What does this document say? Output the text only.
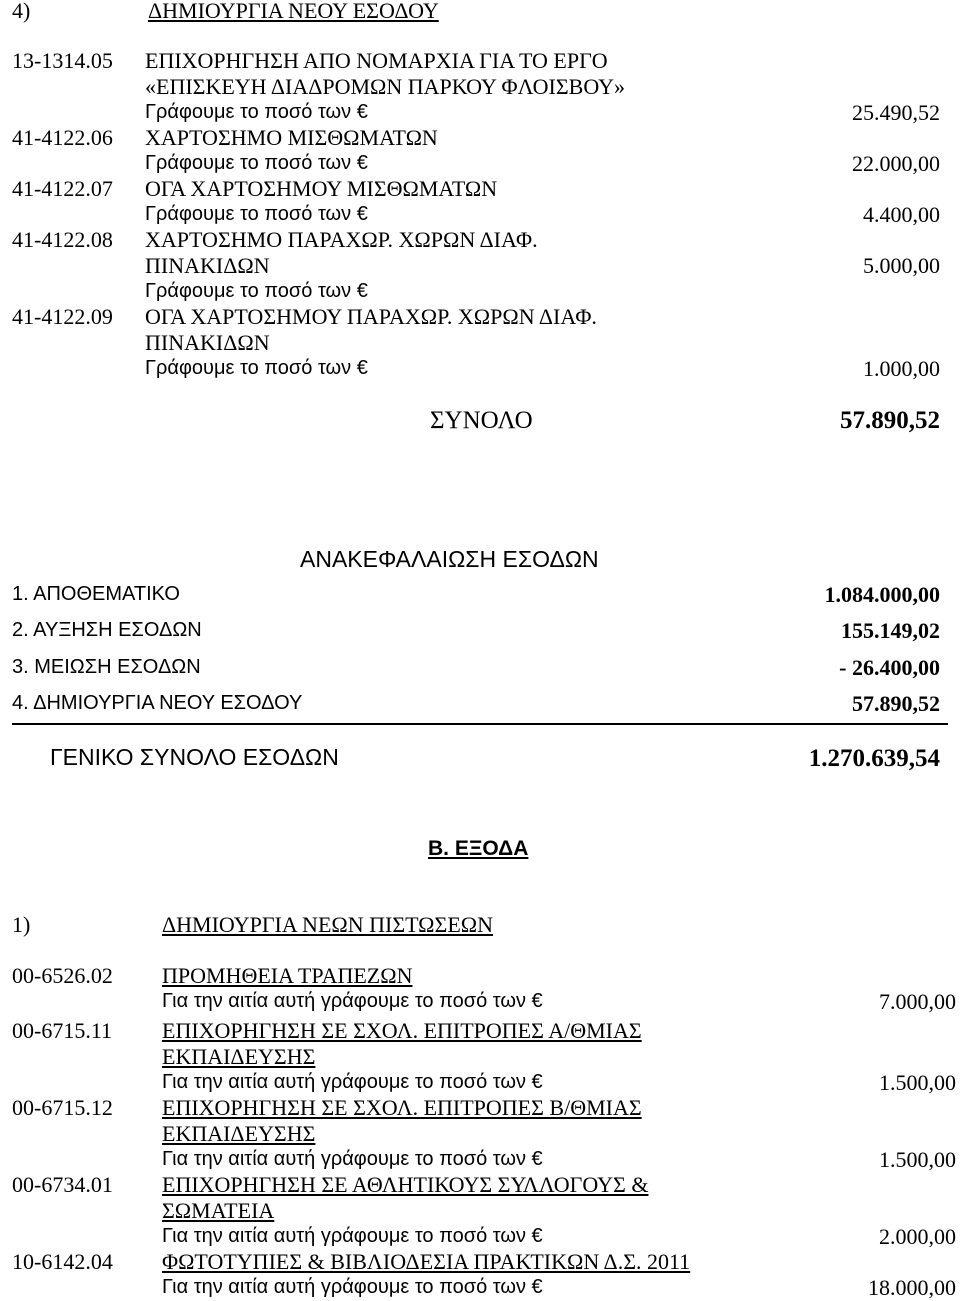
4)	ΔΗΜΙΟΥΡΓΙΑ ΝΕΟΥ ΕΣΟΔΟΥ
13-1314.05 ΕΠΙΧΟΡΗΓΗΣΗ ΑΠΟ ΝΟΜΑΡΧΙΑ ΓΙΑ ΤΟ ΕΡΓΟ
«ΕΠΙΣΚΕΥΗ ΔΙΑΔΡΟΜΩΝ ΠΑΡΚΟΥ ΦΛΟΙΣΒΟΥ»
Γράφουμε το ποσό των €	25.490,52
41-4122.06 ΧΑΡΤΟΣΗΜΟ ΜΙΣΘΩΜΑΤΩΝ
Γράφουμε το ποσό των €	22.000,00
41-4122.07 ΟΓΑ ΧΑΡΤΟΣΗΜΟΥ ΜΙΣΘΩΜΑΤΩΝ
Γράφουμε το ποσό των €	4.400,00
41-4122.08 ΧΑΡΤΟΣΗΜΟ ΠΑΡΑΧΩΡ. ΧΩΡΩΝ ΔΙΑΦ.
ΠΙΝΑΚΙΔΩΝ	5.000,00
Γράφουμε το ποσό των €
41-4122.09 ΟΓΑ ΧΑΡΤΟΣΗΜΟΥ ΠΑΡΑΧΩΡ. ΧΩΡΩΝ ΔΙΑΦ.
ΠΙΝΑΚΙΔΩΝ
Γράφουμε το ποσό των €	1.000,00
ΣΥΝΟΛΟ	57.890,52
ΑΝΑΚΕΦΑΛΑΙΩΣΗ ΕΣΟΔΩΝ
1. ΑΠΟΘΕΜΑΤΙΚΟ	1.084.000,00
2. ΑΥΞΗΣΗ ΕΣΟΔΩΝ	155.149,02
3. ΜΕΙΩΣΗ ΕΣΟΔΩΝ	- 26.400,00
4. ΔΗΜΙΟΥΡΓΙΑ ΝΕΟΥ ΕΣΟΔΟΥ	57.890,52
ΓΕΝΙΚΟ ΣΥΝΟΛΟ ΕΣΟΔΩΝ	1.270.639,54
Β. ΕΞΟΔΑ
1)	ΔΗΜΙΟΥΡΓΙΑ ΝΕΩΝ ΠΙΣΤΩΣΕΩΝ
00-6526.02 ΠΡΟΜΗΘΕΙΑ ΤΡΑΠΕΖΩΝ
Για την αιτία αυτή γράφουμε το ποσό των €	7.000,00
00-6715.11 ΕΠΙΧΟΡΗΓΗΣΗ ΣΕ ΣΧΟΛ. ΕΠΙΤΡΟΠΕΣ Α/ΘΜΙΑΣ
ΕΚΠΑΙΔΕΥΣΗΣ
Για την αιτία αυτή γράφουμε το ποσό των €	1.500,00
00-6715.12 ΕΠΙΧΟΡΗΓΗΣΗ ΣΕ ΣΧΟΛ. ΕΠΙΤΡΟΠΕΣ Β/ΘΜΙΑΣ
ΕΚΠΑΙΔΕΥΣΗΣ
Για την αιτία αυτή γράφουμε το ποσό των €	1.500,00
00-6734.01 ΕΠΙΧΟΡΗΓΗΣΗ ΣΕ ΑΘΛΗΤΙΚΟΥΣ ΣΥΛΛΟΓΟΥΣ &
ΣΩΜΑΤΕΙΑ
Για την αιτία αυτή γράφουμε το ποσό των €	2.000,00
10-6142.04 ΦΩΤΟΤΥΠΙΕΣ & ΒΙΒΛΙΟΔΕΣΙΑ ΠΡΑΚΤΙΚΩΝ Δ.Σ. 2011
Για την αιτία αυτή γράφουμε το ποσό των €	18.000,00
